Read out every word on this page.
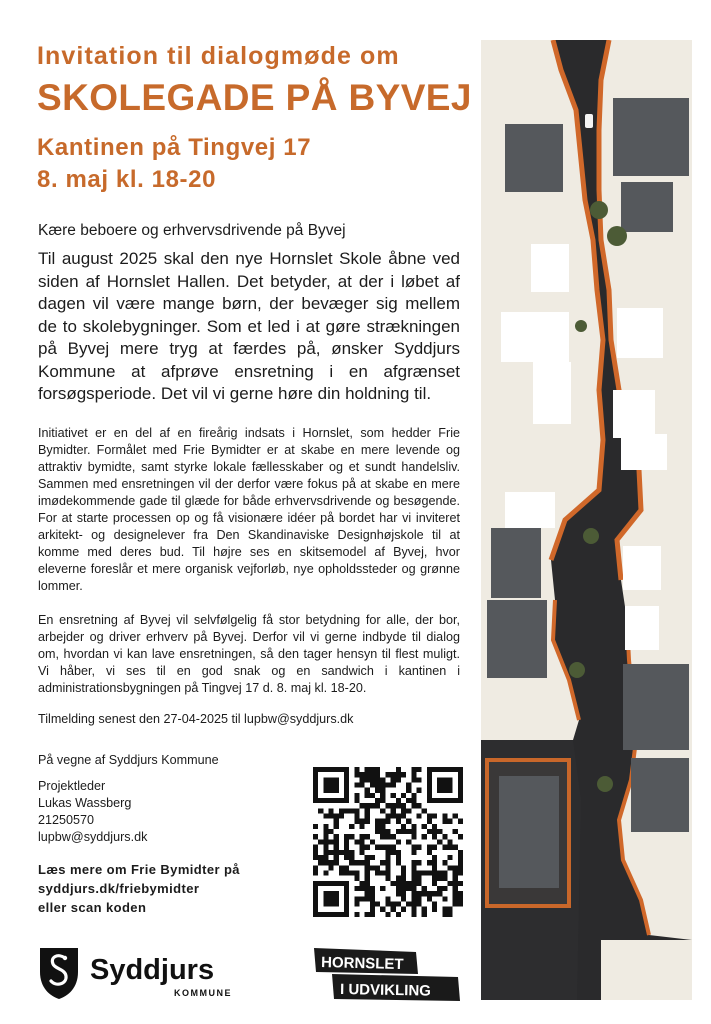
Invitation til dialogmøde om
SKOLEGADE PÅ BYVEJ
Kantinen på Tingvej 17
8. maj kl. 18-20
Kære beboere og erhvervsdrivende på Byvej
Til august 2025 skal den nye Hornslet Skole åbne ved siden af Hornslet Hallen. Det betyder, at der i løbet af dagen vil være mange børn, der bevæger sig mellem de to skolebygninger. Som et led i at gøre strækningen på Byvej mere tryg at færdes på, ønsker Syddjurs Kommune at afprøve ensretning i en afgrænset forsøgsperiode. Det vil vi gerne høre din holdning til.
Initiativet er en del af en fireårig indsats i Hornslet, som hedder Frie Bymidter. Formålet med Frie Bymidter er at skabe en mere levende og attraktiv bymidte, samt styrke lokale fællesskaber og et sundt handelsliv. Sammen med ensretningen vil der derfor være fokus på at skabe en mere imødekommende gade til glæde for både erhvervsdrivende og besøgende. For at starte processen op og få visionære idéer på bordet har vi inviteret arkitekt- og designelever fra Den Skandinaviske Designhøjskole til at komme med deres bud. Til højre ses en skitsemodel af Byvej, hvor eleverne foreslår et mere organisk vejforløb, nye opholdssteder og grønne lommer.
En ensretning af Byvej vil selvfølgelig få stor betydning for alle, der bor, arbejder og driver erhverv på Byvej. Derfor vil vi gerne indbyde til dialog om, hvordan vi kan lave ensretningen, så den tager hensyn til flest muligt. Vi håber, vi ses til en god snak og en sandwich i kantinen i administrationsbygningen på Tingvej 17 d. 8. maj kl. 18-20.
Tilmelding senest den 27-04-2025 til lupbw@syddjurs.dk
På vegne af Syddjurs Kommune
Projektleder
Lukas Wassberg
21250570
lupbw@syddjurs.dk
Læs mere om Frie Bymidter på
syddjurs.dk/friebymidter
eller scan koden
Syddjurs
KOMMUNE
HORNSLET
I UDVIKLING
